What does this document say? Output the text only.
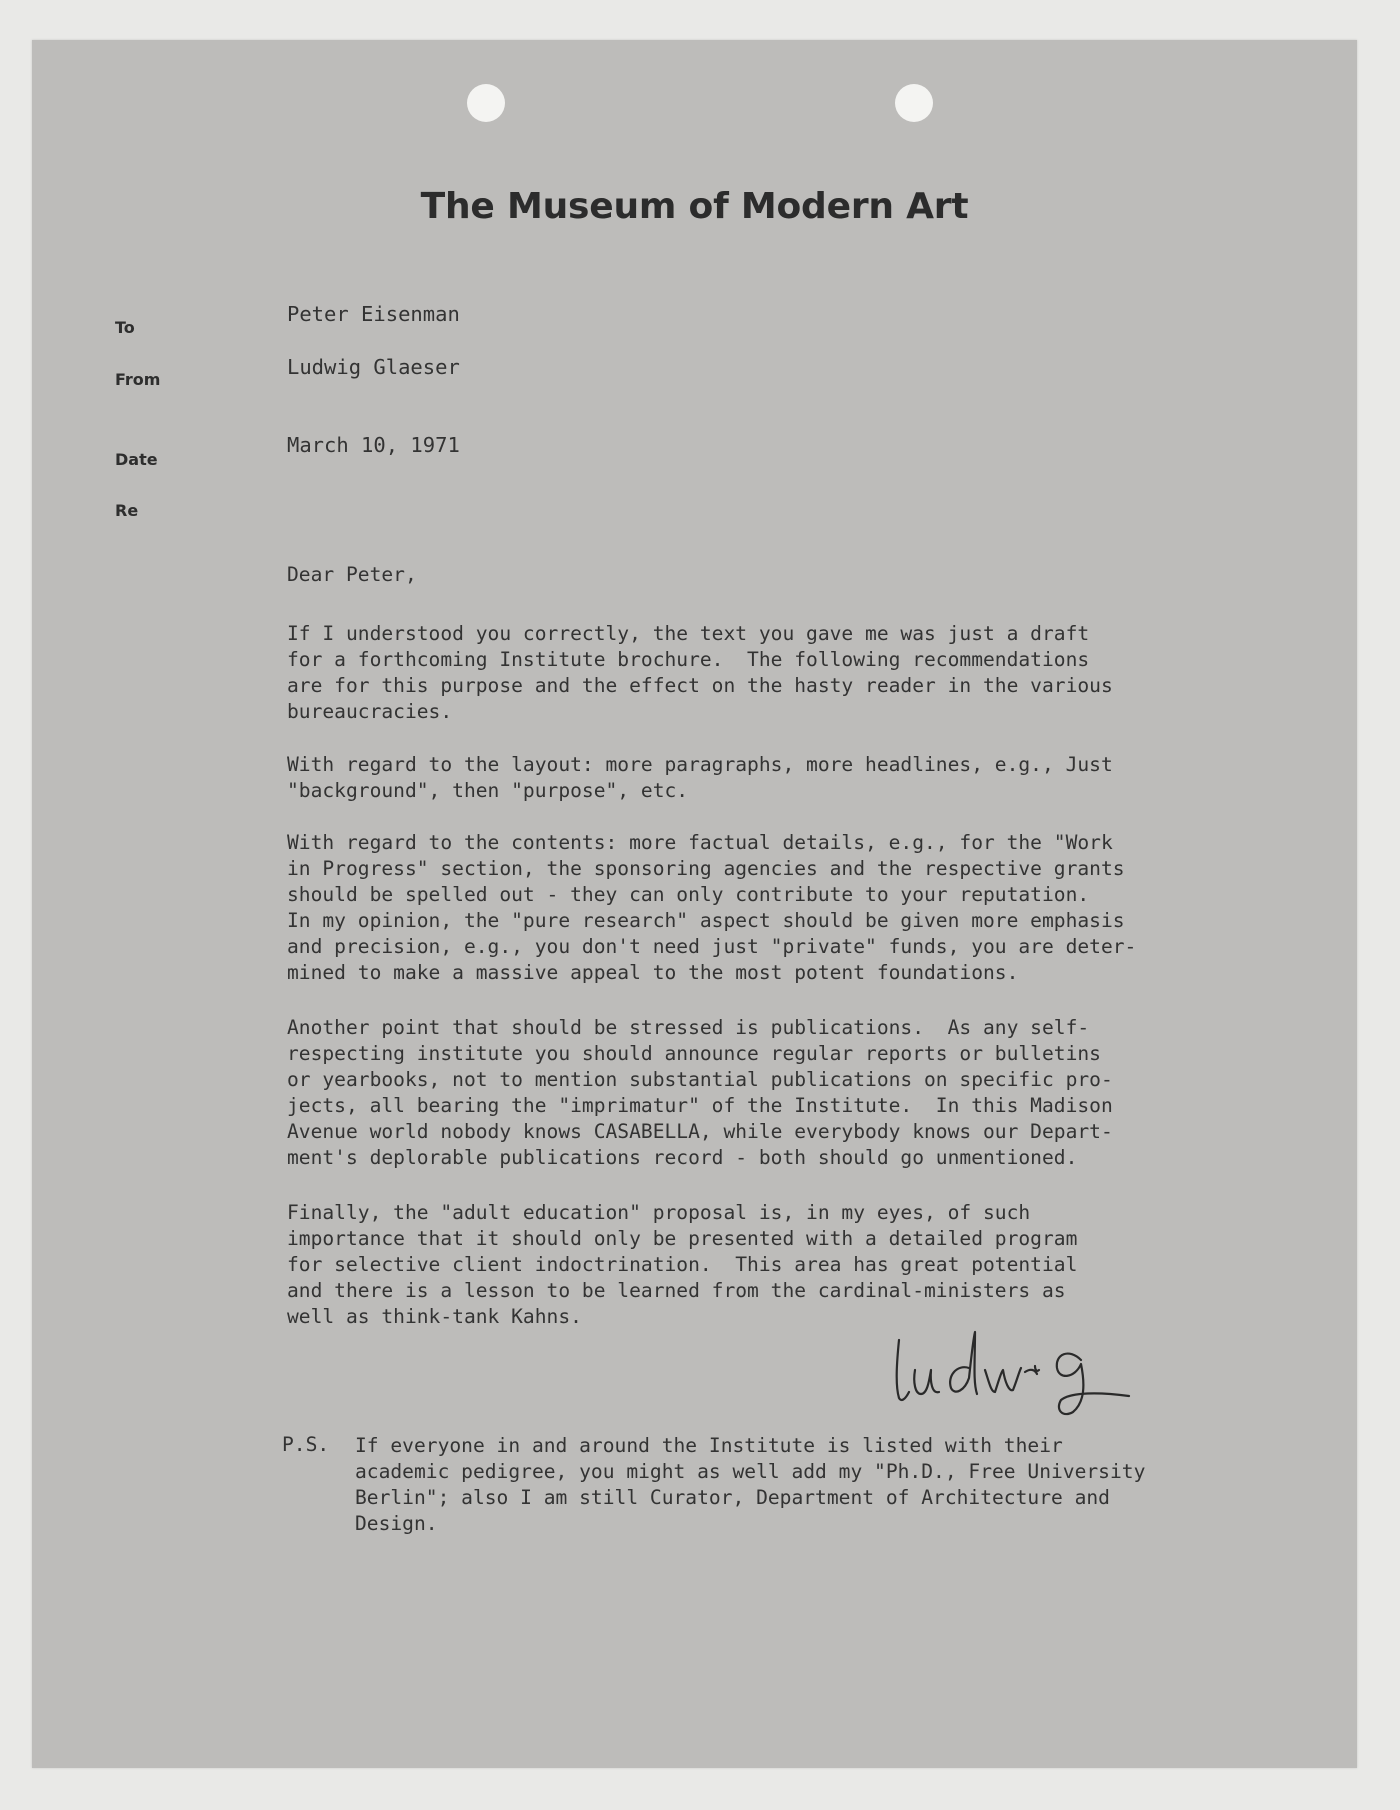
The Museum of Modern Art
To
Peter Eisenman
From
Ludwig Glaeser
Date
March 10, 1971
Re
Dear Peter,
If I understood you correctly, the text you gave me was just a draft
for a forthcoming Institute brochure.  The following recommendations
are for this purpose and the effect on the hasty reader in the various
bureaucracies.
With regard to the layout: more paragraphs, more headlines, e.g., Just
"background", then "purpose", etc.
With regard to the contents: more factual details, e.g., for the "Work
in Progress" section, the sponsoring agencies and the respective grants
should be spelled out - they can only contribute to your reputation.
In my opinion, the "pure research" aspect should be given more emphasis
and precision, e.g., you don't need just "private" funds, you are deter-
mined to make a massive appeal to the most potent foundations.
Another point that should be stressed is publications.  As any self-
respecting institute you should announce regular reports or bulletins
or yearbooks, not to mention substantial publications on specific pro-
jects, all bearing the "imprimatur" of the Institute.  In this Madison
Avenue world nobody knows CASABELLA, while everybody knows our Depart-
ment's deplorable publications record - both should go unmentioned.
Finally, the "adult education" proposal is, in my eyes, of such
importance that it should only be presented with a detailed program
for selective client indoctrination.  This area has great potential
and there is a lesson to be learned from the cardinal-ministers as
well as think-tank Kahns.
P.S. If everyone in and around the Institute is listed with their
academic pedigree, you might as well add my "Ph.D., Free University
Berlin"; also I am still Curator, Department of Architecture and
Design.
